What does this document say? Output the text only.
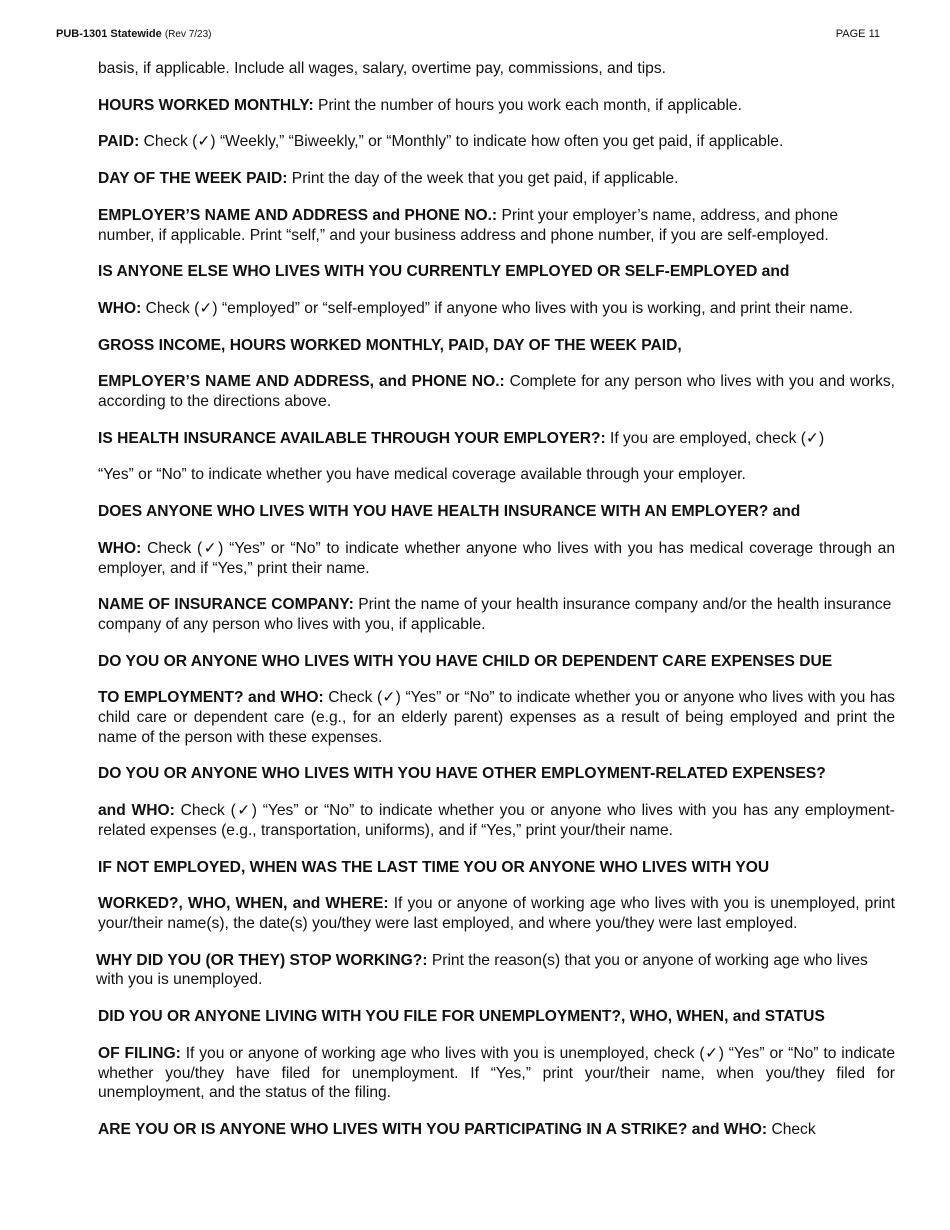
PUB-1301 Statewide (Rev 7/23)	PAGE 11

basis, if applicable. Include all wages, salary, overtime pay, commissions, and tips.

HOURS WORKED MONTHLY: Print the number of hours you work each month, if applicable.

PAID: Check (✓) “Weekly,” “Biweekly,” or “Monthly” to indicate how often you get paid, if applicable.

DAY OF THE WEEK PAID: Print the day of the week that you get paid, if applicable.

EMPLOYER’S NAME AND ADDRESS and PHONE NO.: Print your employer’s name, address, and phone number, if applicable. Print “self,” and your business address and phone number, if you are self-employed.

IS ANYONE ELSE WHO LIVES WITH YOU CURRENTLY EMPLOYED OR SELF-EMPLOYED and

WHO: Check (✓) “employed” or “self-employed” if anyone who lives with you is working, and print their name.

GROSS INCOME, HOURS WORKED MONTHLY, PAID, DAY OF THE WEEK PAID,

EMPLOYER’S NAME AND ADDRESS, and PHONE NO.: Complete for any person who lives with you and works, according to the directions above.

IS HEALTH INSURANCE AVAILABLE THROUGH YOUR EMPLOYER?: If you are employed, check (✓)

“Yes” or “No” to indicate whether you have medical coverage available through your employer.

DOES ANYONE WHO LIVES WITH YOU HAVE HEALTH INSURANCE WITH AN EMPLOYER? and

WHO: Check (✓) “Yes” or “No” to indicate whether anyone who lives with you has medical coverage through an employer, and if “Yes,” print their name.

NAME OF INSURANCE COMPANY: Print the name of your health insurance company and/or the health insurance company of any person who lives with you, if applicable.

DO YOU OR ANYONE WHO LIVES WITH YOU HAVE CHILD OR DEPENDENT CARE EXPENSES DUE

TO EMPLOYMENT? and WHO: Check (✓) “Yes” or “No” to indicate whether you or anyone who lives with you has child care or dependent care (e.g., for an elderly parent) expenses as a result of being employed and print the name of the person with these expenses.

DO YOU OR ANYONE WHO LIVES WITH YOU HAVE OTHER EMPLOYMENT-RELATED EXPENSES?

and WHO: Check (✓) “Yes” or “No” to indicate whether you or anyone who lives with you has any employment-related expenses (e.g., transportation, uniforms), and if “Yes,” print your/their name.

IF NOT EMPLOYED, WHEN WAS THE LAST TIME YOU OR ANYONE WHO LIVES WITH YOU

WORKED?, WHO, WHEN, and WHERE: If you or anyone of working age who lives with you is unemployed, print your/their name(s), the date(s) you/they were last employed, and where you/they were last employed.

WHY DID YOU (OR THEY) STOP WORKING?: Print the reason(s) that you or anyone of working age who lives with you is unemployed.

DID YOU OR ANYONE LIVING WITH YOU FILE FOR UNEMPLOYMENT?, WHO, WHEN, and STATUS

OF FILING: If you or anyone of working age who lives with you is unemployed, check (✓) “Yes” or “No” to indicate whether you/they have filed for unemployment. If “Yes,” print your/their name, when you/they filed for unemployment, and the status of the filing.

ARE YOU OR IS ANYONE WHO LIVES WITH YOU PARTICIPATING IN A STRIKE? and WHO: Check
